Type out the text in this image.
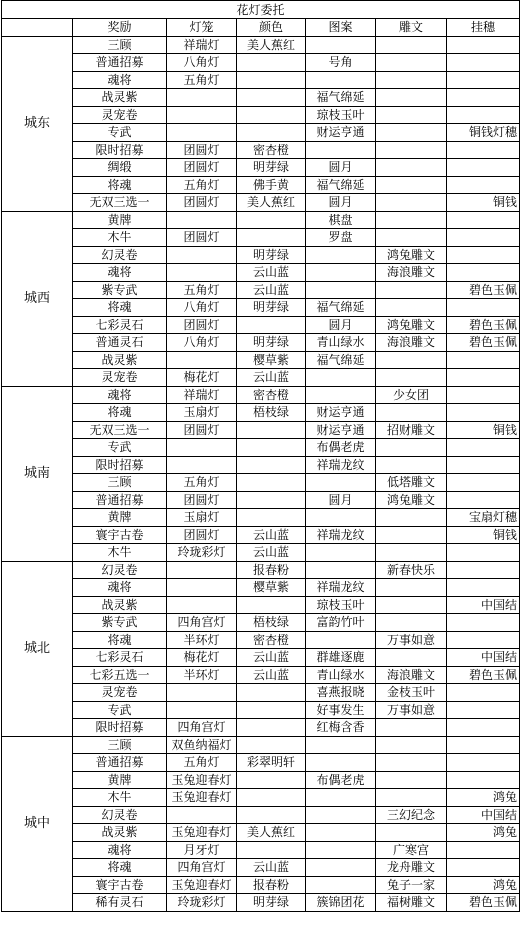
花灯委托						
	奖励	灯笼	颜色	图案	雕文	挂穗
城东	三顾	祥瑞灯	美人蕉红			
	普通招募	八角灯		号角		
	魂将	五角灯				
	战灵紫			福气绵延		
	灵宠卷			琼枝玉叶		
	专武			财运亨通		铜钱灯穗
	限时招募	团圆灯	密杏橙			
	绸缎	团圆灯	明芽绿	圆月		
	将魂	五角灯	佛手黄	福气绵延		
	无双三选一	团圆灯	美人蕉红	圆月		铜钱
城西	黄牌			棋盘		
	木牛	团圆灯		罗盘		
	幻灵卷		明芽绿		鸿兔雕文	
	魂将		云山蓝		海浪雕文	
	紫专武	五角灯	云山蓝			碧色玉佩
	将魂	八角灯	明芽绿	福气绵延		
	七彩灵石	团圆灯		圆月	鸿兔雕文	碧色玉佩
	普通灵石	八角灯	明芽绿	青山绿水	海浪雕文	碧色玉佩
	战灵紫		樱草紫	福气绵延		
	灵宠卷	梅花灯	云山蓝			
城南	魂将	祥瑞灯	密杏橙		少女团	
	将魂	玉扇灯	梧枝绿	财运亨通		
	无双三选一	团圆灯		财运亨通	招财雕文	铜钱
	专武			布偶老虎		
	限时招募			祥瑞龙纹		
	三顾	五角灯			低塔雕文	
	普通招募	团圆灯		圆月	鸿兔雕文	
	黄牌	玉扇灯				宝扇灯穗
	寰宇古卷	团圆灯	云山蓝	祥瑞龙纹		铜钱
	木牛	玲珑彩灯	云山蓝			
城北	幻灵卷		报春粉		新春快乐	
	魂将		樱草紫	祥瑞龙纹		
	战灵紫			琼枝玉叶		中国结
	紫专武	四角宫灯	梧枝绿	富韵竹叶		
	将魂	半环灯	密杏橙		万事如意	
	七彩灵石	梅花灯	云山蓝	群雄逐鹿		中国结
	七彩五选一	半环灯	云山蓝	青山绿水	海浪雕文	碧色玉佩
	灵宠卷			喜燕报晓	金枝玉叶	
	专武			好事发生	万事如意	
	限时招募	四角宫灯		红梅含香		
城中	三顾	双鱼纳福灯				
	普通招募	五角灯	彩翠明轩			
	黄牌	玉兔迎春灯		布偶老虎		
	木牛	玉兔迎春灯				鸿兔
	幻灵卷				三幻纪念	中国结
	战灵紫	玉兔迎春灯	美人蕉红			鸿兔
	魂将	月牙灯			广寒宫	
	将魂	四角宫灯	云山蓝		龙舟雕文	
	寰宇古卷	玉兔迎春灯	报春粉		兔子一家	鸿兔
	稀有灵石	玲珑彩灯	明芽绿	簇锦团花	福树雕文	碧色玉佩
